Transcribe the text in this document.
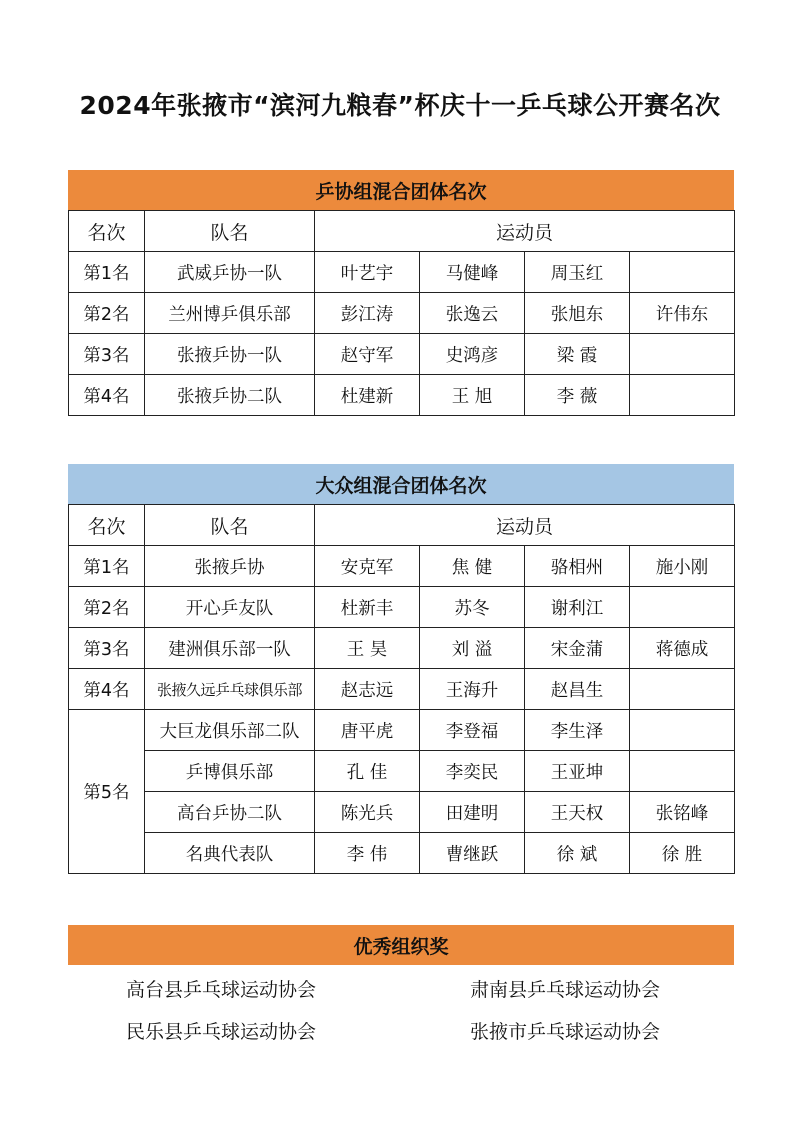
2024年张掖市“滨河九粮春”杯庆十一乒乓球公开赛名次
乒协组混合团体名次
名次	队名	运动员			
第1名	武威乒协一队	叶艺宇	马健峰	周玉红	
第2名	兰州博乒俱乐部	彭江涛	张逸云	张旭东	许伟东
第3名	张掖乒协一队	赵守军	史鸿彦	梁 霞	
第4名	张掖乒协二队	杜建新	王 旭	李 薇	
大众组混合团体名次
名次	队名	运动员			
第1名	张掖乒协	安克军	焦 健	骆相州	施小刚
第2名	开心乒友队	杜新丰	苏冬	谢利江	
第3名	建洲俱乐部一队	王 昊	刘 溢	宋金蒲	蒋德成
第4名	张掖久远乒乓球俱乐部	赵志远	王海升	赵昌生	
第5名	大巨龙俱乐部二队	唐平虎	李登福	李生泽	
	乒博俱乐部	孔 佳	李奕民	王亚坤	
	高台乒协二队	陈光兵	田建明	王天权	张铭峰
	名典代表队	李 伟	曹继跃	徐 斌	徐 胜
优秀组织奖
高台县乒乓球运动协会	肃南县乒乓球运动协会
民乐县乒乓球运动协会	张掖市乒乓球运动协会
